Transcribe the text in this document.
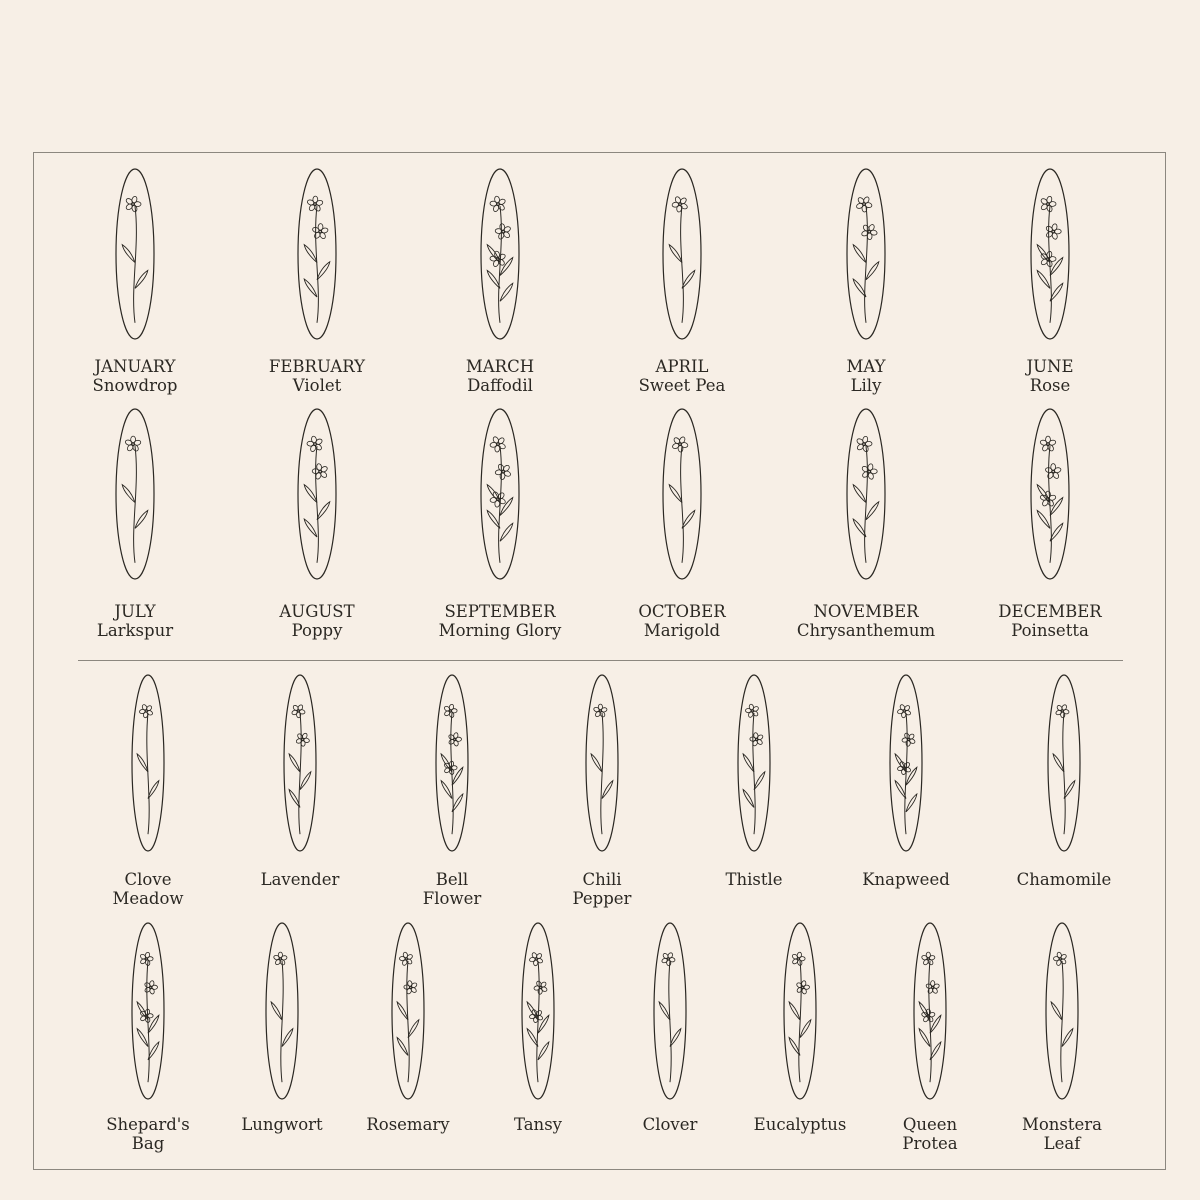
JANUARY
Snowdrop
FEBRUARY
Violet
MARCH
Daffodil
APRIL
Sweet Pea
MAY
Lily
JUNE
Rose
JULY
Larkspur
AUGUST
Poppy
SEPTEMBER
Morning Glory
OCTOBER
Marigold
NOVEMBER
Chrysanthemum
DECEMBER
Poinsetta
Clove
Meadow
Lavender	Bell
Flower
Chili
Pepper
Thistle	Knapweed	Chamomile
Shepard's
Bag
Lungwort	Rosemary	Tansy	Clover	Eucalyptus	Queen
Protea
Monstera
Leaf
